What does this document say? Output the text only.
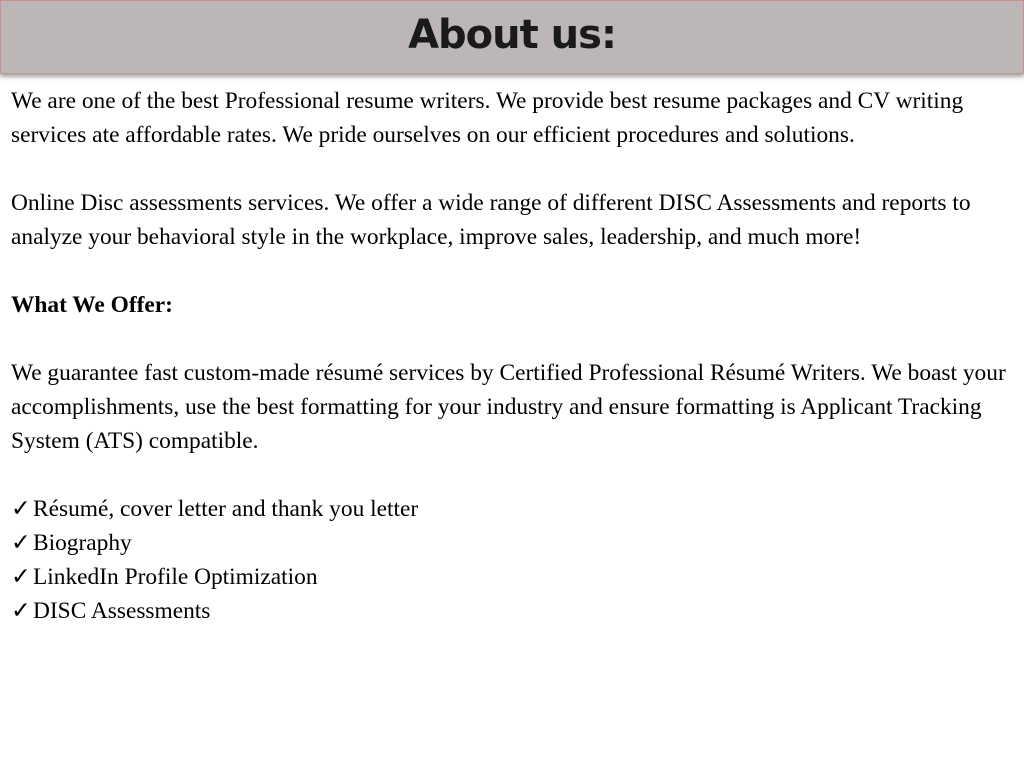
About us:

We are one of the best Professional resume writers. We provide best resume packages and CV writing services ate affordable rates. We pride ourselves on our efficient procedures and solutions.

Online Disc assessments services. We offer a wide range of different DISC Assessments and reports to analyze your behavioral style in the workplace, improve sales, leadership, and much more!

What We Offer:

We guarantee fast custom-made résumé services by Certified Professional Résumé Writers. We boast your accomplishments, use the best formatting for your industry and ensure formatting is Applicant Tracking System (ATS) compatible.

✓ Résumé, cover letter and thank you letter
✓ Biography
✓ LinkedIn Profile Optimization
✓ DISC Assessments
